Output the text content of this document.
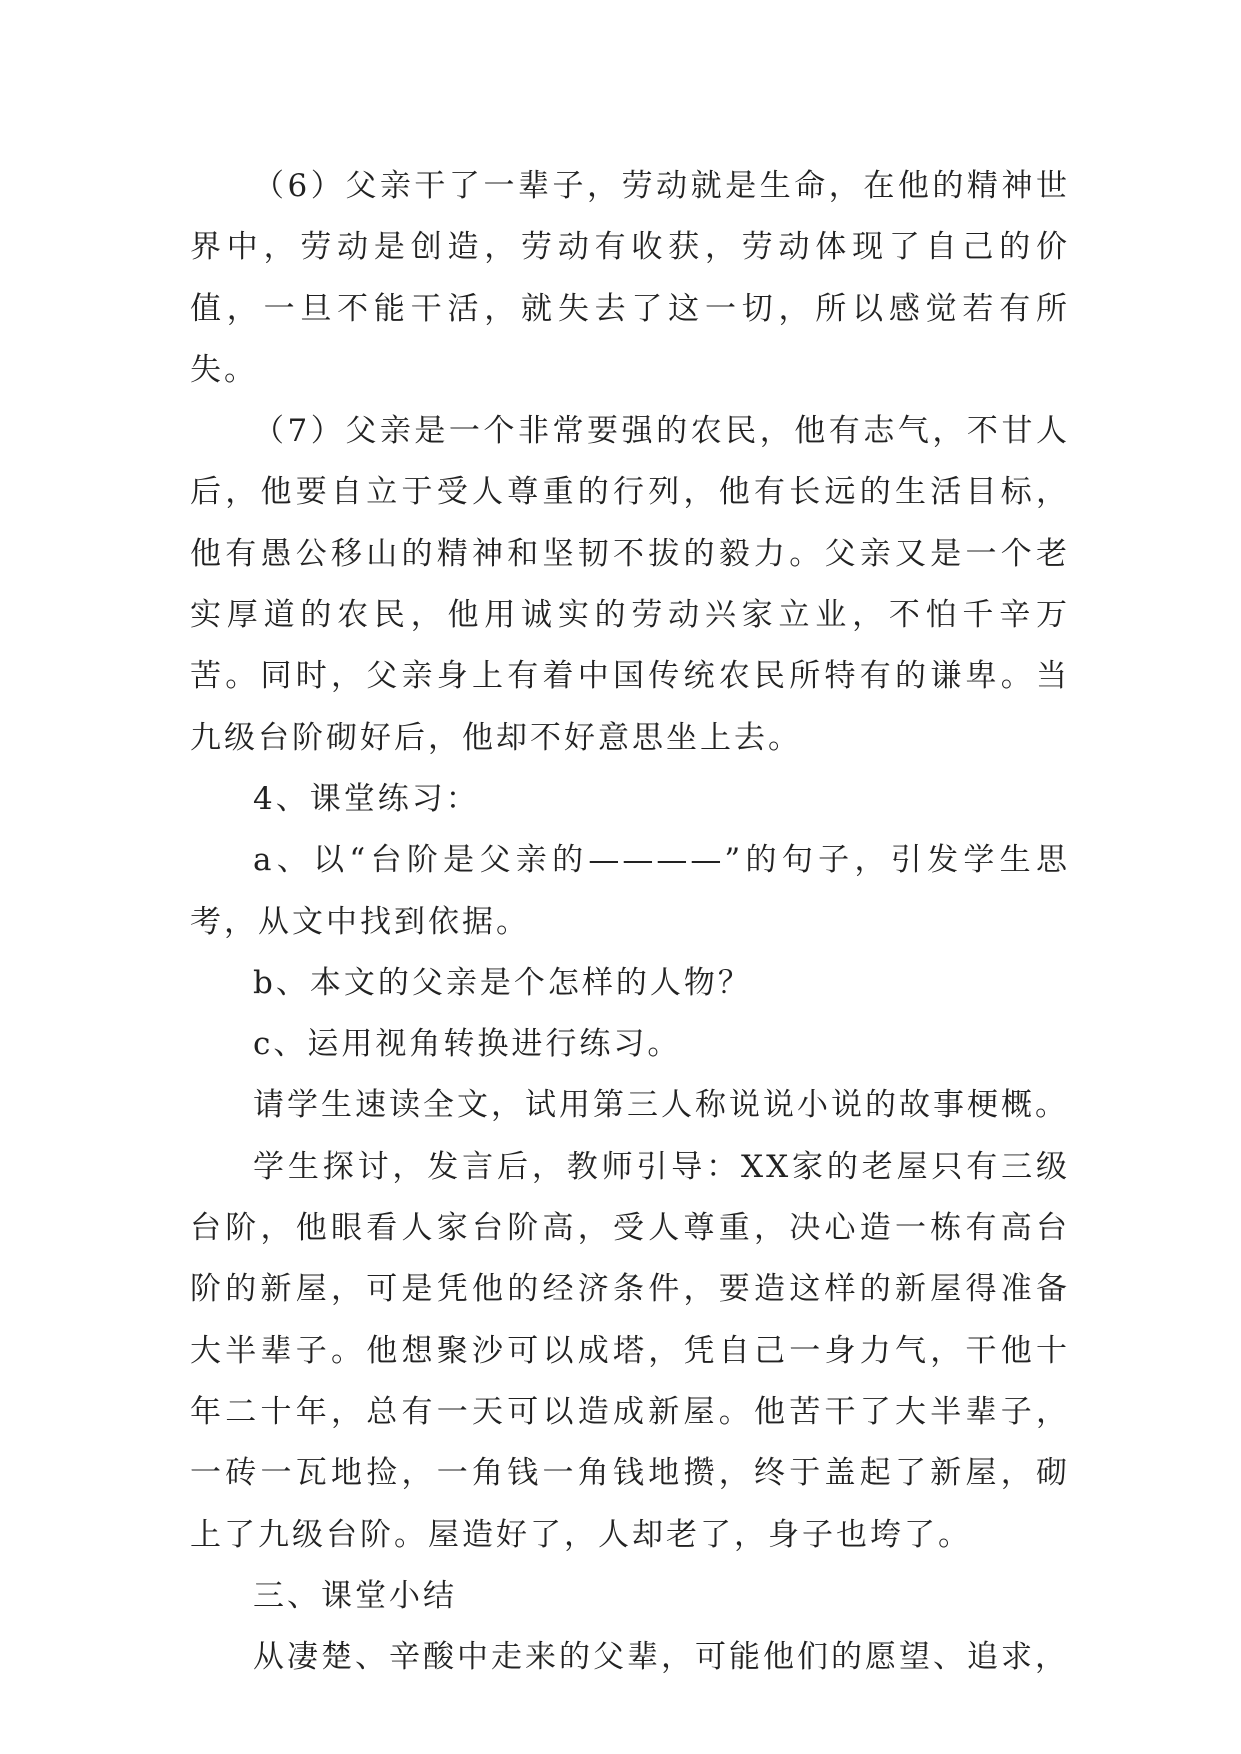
（6）父亲干了一辈子，劳动就是生命，在他的精神世界中，劳动是创造，劳动有收获，劳动体现了自己的价值，一旦不能干活，就失去了这一切，所以感觉若有所失。

（7）父亲是一个非常要强的农民，他有志气，不甘人后，他要自立于受人尊重的行列，他有长远的生活目标，他有愚公移山的精神和坚韧不拔的毅力。父亲又是一个老实厚道的农民，他用诚实的劳动兴家立业，不怕千辛万苦。同时，父亲身上有着中国传统农民所特有的谦卑。当九级台阶砌好后，他却不好意思坐上去。

4、课堂练习：

a、以“台阶是父亲的————”的句子，引发学生思考，从文中找到依据。

b、本文的父亲是个怎样的人物？

c、运用视角转换进行练习。

请学生速读全文，试用第三人称说说小说的故事梗概。

学生探讨，发言后，教师引导：XX家的老屋只有三级台阶，他眼看人家台阶高，受人尊重，决心造一栋有高台阶的新屋，可是凭他的经济条件，要造这样的新屋得准备大半辈子。他想聚沙可以成塔，凭自己一身力气，干他十年二十年，总有一天可以造成新屋。他苦干了大半辈子，一砖一瓦地捡，一角钱一角钱地攒，终于盖起了新屋，砌上了九级台阶。屋造好了，人却老了，身子也垮了。

三、课堂小结

从凄楚、辛酸中走来的父辈，可能他们的愿望、追求，
